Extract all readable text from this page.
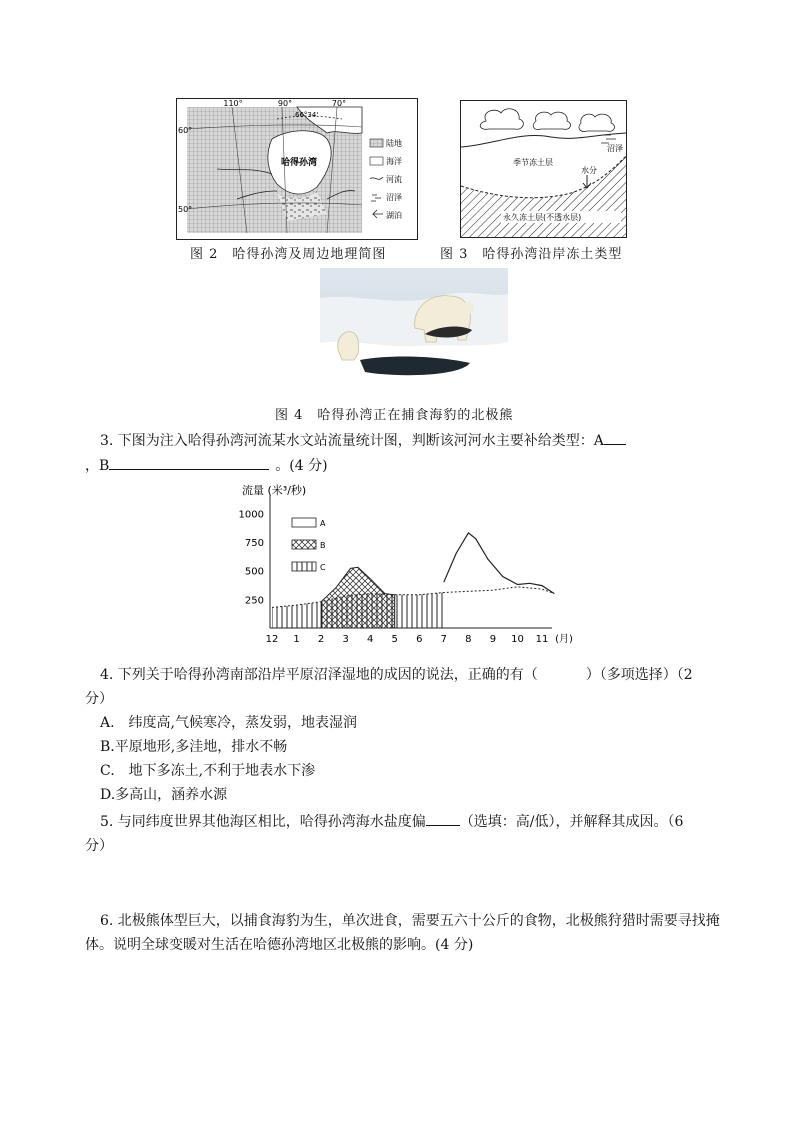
110°	90°	70°
60°
50°
66°34'
哈得孙湾
陆地
海洋
河流
沼泽
湖泊
图 2　哈得孙湾及周边地理简图
季节冻土层
沼泽
水分
永久冻土层(不透水层)
图 3　哈得孙湾沿岸冻土类型
图 4　哈得孙湾正在捕食海豹的北极熊
3. 下图为注入哈得孙湾河流某水文站流量统计图，判断该河河水主要补给类型：A
，B	。(4 分)
流量 (米³/秒)
250
500
750
1000
12 1 2 3 4 5 6 7 8 9 10 11 (月)
A
B
C
4. 下列关于哈得孙湾南部沿岸平原沼泽湿地的成因的说法，正确的有（	）（多项选择）（2
分）
A.　纬度高,气候寒冷，蒸发弱，地表湿润
B.平原地形,多洼地，排水不畅
C.　地下多冻土,不利于地表水下渗
D.多高山，涵养水源
5. 与同纬度世界其他海区相比，哈得孙湾海水盐度偏 （选填：高/低），并解释其成因。（6
分）
6. 北极熊体型巨大，以捕食海豹为生，单次进食，需要五六十公斤的食物，北极熊狩猎时需要寻找掩
体。说明全球变暖对生活在哈德孙湾地区北极熊的影响。(4 分)
